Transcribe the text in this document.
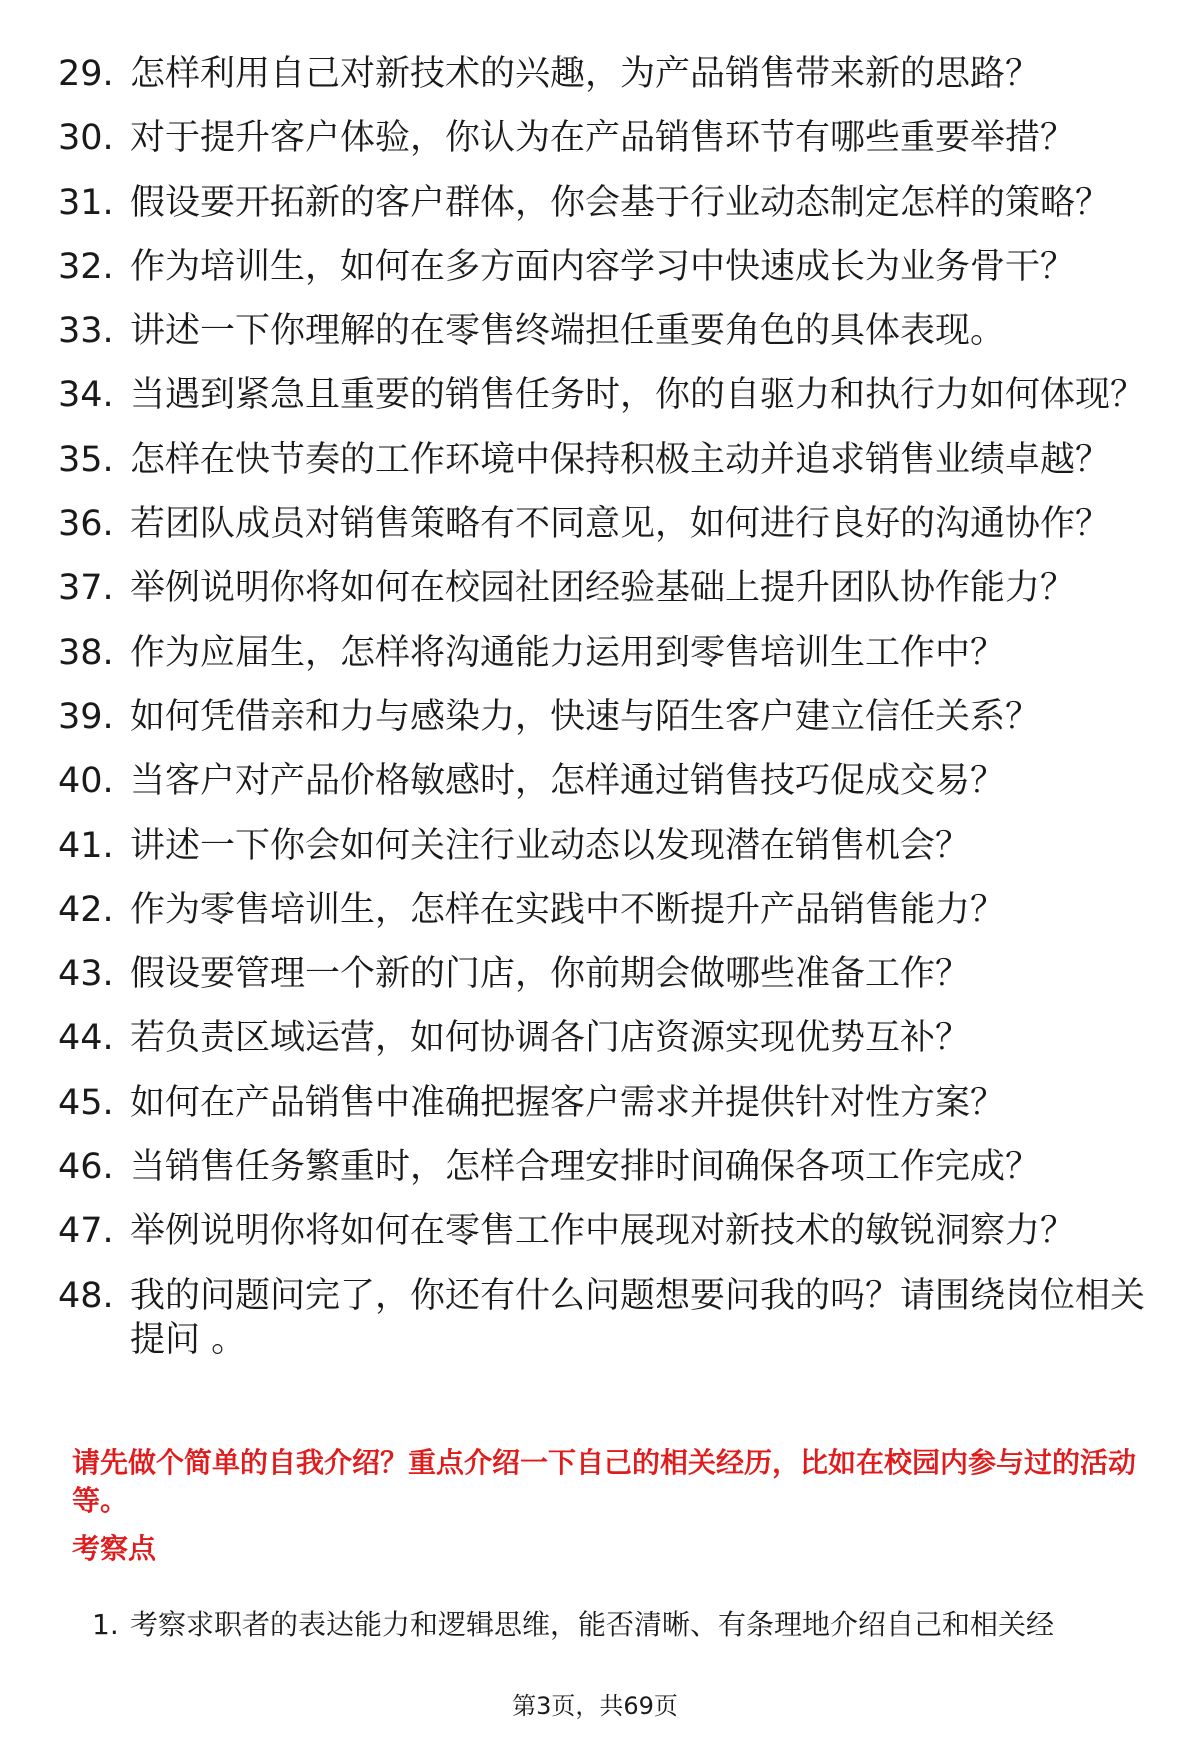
29. 怎样利用自己对新技术的兴趣，为产品销售带来新的思路？
30. 对于提升客户体验，你认为在产品销售环节有哪些重要举措？
31. 假设要开拓新的客户群体，你会基于行业动态制定怎样的策略？
32. 作为培训生，如何在多方面内容学习中快速成长为业务骨干？
33. 讲述一下你理解的在零售终端担任重要角色的具体表现。
34. 当遇到紧急且重要的销售任务时，你的自驱力和执行力如何体现？
35. 怎样在快节奏的工作环境中保持积极主动并追求销售业绩卓越？
36. 若团队成员对销售策略有不同意见，如何进行良好的沟通协作？
37. 举例说明你将如何在校园社团经验基础上提升团队协作能力？
38. 作为应届生，怎样将沟通能力运用到零售培训生工作中？
39. 如何凭借亲和力与感染力，快速与陌生客户建立信任关系？
40. 当客户对产品价格敏感时，怎样通过销售技巧促成交易？
41. 讲述一下你会如何关注行业动态以发现潜在销售机会？
42. 作为零售培训生，怎样在实践中不断提升产品销售能力？
43. 假设要管理一个新的门店，你前期会做哪些准备工作？
44. 若负责区域运营，如何协调各门店资源实现优势互补？
45. 如何在产品销售中准确把握客户需求并提供针对性方案？
46. 当销售任务繁重时，怎样合理安排时间确保各项工作完成？
47. 举例说明你将如何在零售工作中展现对新技术的敏锐洞察力？
48. 我的问题问完了，你还有什么问题想要问我的吗？请围绕岗位相关提问 。
请先做个简单的自我介绍？重点介绍一下自己的相关经历，比如在校园内参与过的活动等。
考察点
1. 考察求职者的表达能力和逻辑思维，能否清晰、有条理地介绍自己和相关经
第3页，共69页
